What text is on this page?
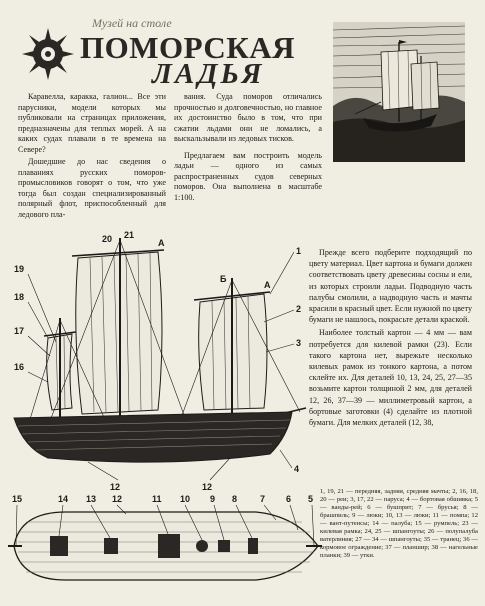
Музей на столе
ПОМОРСКАЯ
ЛАДЬЯ

Каравелла, каракка, галион... Все эти парусники, модели которых мы публиковали на страницах приложения, предназначены для теплых морей. А на каких судах плавали в те времена на Севере?

Дошедшие до нас сведения о плаваниях русских поморов-промысловиков говорят о том, что уже тогда был создан специализированный полярный флот, приспособленный для ледового пла-

вания. Суда поморов отличались прочностью и долговечностью, но главное их достоинство было в том, что при сжатии льдами они не ломались, а выскальзывали из ледовых тисков.

Предлагаем вам построить модель ладьи — одного из самых распространенных судов северных поморов. Она выполнена в масштабе 1:100.

20 21
А
Б
А
1
2
3
4
19
18
17
16
12	12

Прежде всего подберите подходящий по цвету материал. Цвет картона и бумаги должен соответствовать цвету древесины сосны и ели, из которых строили ладьи. Подводную часть палубы смолили, а надводную часть и мачты красили в красный цвет. Если нужной по цвету бумаги не нашлось, покрасьте детали краской.

Наиболее толстый картон — 4 мм — вам потребуется для килевой рамки (23). Если такого картона нет, вырежьте несколько килевых рамок из тонкого картона, а потом склейте их. Для деталей 10, 13, 24, 25, 27—35 возьмите картон толщиной 2 мм, для деталей 12, 26, 37—39 — миллиметровый картон, а бортовые заготовки (4) сделайте из плотной бумаги. Для мелких деталей (12, 38,

15	14 13 12	11 10 9 8	7 6 5
1, 19, 21 — передняя, задняя, средняя мачты; 2, 16, 18, 20 — реи; 3, 17, 22 — паруса; 4 — бортовая обшивка; 5 — ванды-рей; 6 — бушприт; 7 — брусья; 8 — брашпиль; 9 — люки; 10, 13 — люки; 11 — помпа; 12 — вант-путенсы; 14 — палуба; 15 — румпель; 23 — килевая рамка; 24, 25 — шпангоуты; 26 — полупалуба ватерлиния; 27 — 34 — шпангоуты; 35 — транец; 36 — кормовое ограждение; 37 — планшир; 38 — нагельные планки; 39 — утки.
